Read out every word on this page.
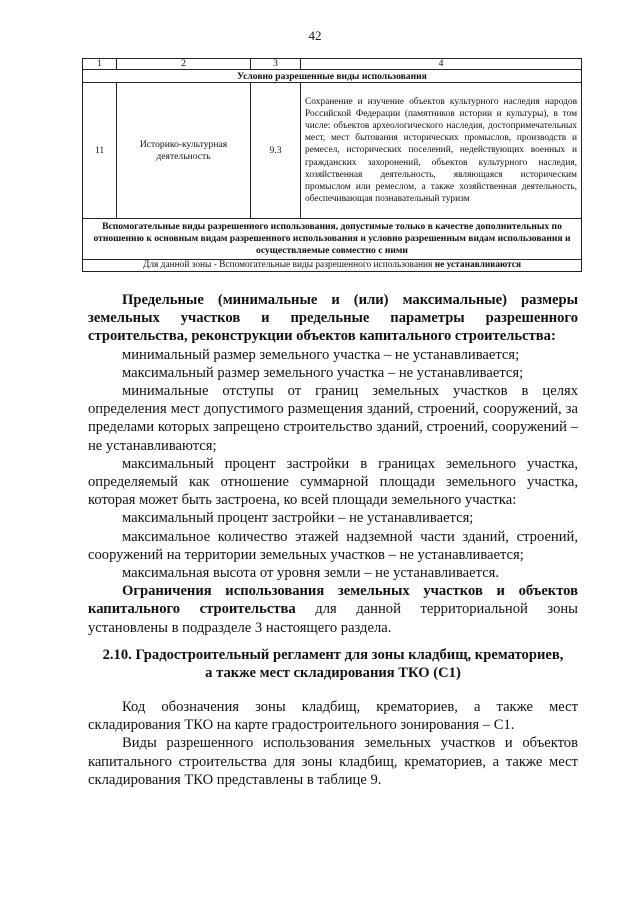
42
1	2	3	4
Условно разрешенные виды использования			
11	Историко-культурная деятельность	9.3	Сохранение и изучение объектов культурного наследия народов Российской Федерации (памятников истории и культуры), в том числе: объектов археологического наследия, достопримечательных мест, мест бытования исторических промыслов, производств и ремесел, исторических поселений, недействующих военных и гражданских захоронений, объектов культурного наследия, хозяйственная деятельность, являющаяся историческим промыслом или ремеслом, а также хозяйственная деятельность, обеспечивающая познавательный туризм
Вспомогательные виды разрешенного использования, допустимые только в качестве дополнительных по отношению к основным видам разрешенного использования и условно разрешенным видам использования и осуществляемые совместно с ними			
Для данной зоны - Вспомогательные виды разрешенного использования не устанавливаются			

Предельные (минимальные и (или) максимальные) размеры земельных участков и предельные параметры разрешенного строительства, реконструкции объектов капитального строительства:

минимальный размер земельного участка – не устанавливается;

максимальный размер земельного участка – не устанавливается;

минимальные отступы от границ земельных участков в целях определения мест допустимого размещения зданий, строений, сооружений, за пределами которых запрещено строительство зданий, строений, сооружений – не устанавливаются;

максимальный процент застройки в границах земельного участка, определяемый как отношение суммарной площади земельного участка, которая может быть застроена, ко всей площади земельного участка:

максимальный процент застройки – не устанавливается;

максимальное количество этажей надземной части зданий, строений, сооружений на территории земельных участков – не устанавливается;

максимальная высота от уровня земли – не устанавливается.

Ограничения использования земельных участков и объектов капитального строительства для данной территориальной зоны установлены в подразделе 3 настоящего раздела.

2.10. Градостроительный регламент для зоны кладбищ, крематориев,
а также мест складирования ТКО (С1)

Код обозначения зоны кладбищ, крематориев, а также мест складирования ТКО на карте градостроительного зонирования – С1.

Виды разрешенного использования земельных участков и объектов капитального строительства для зоны кладбищ, крематориев, а также мест складирования ТКО представлены в таблице 9.
